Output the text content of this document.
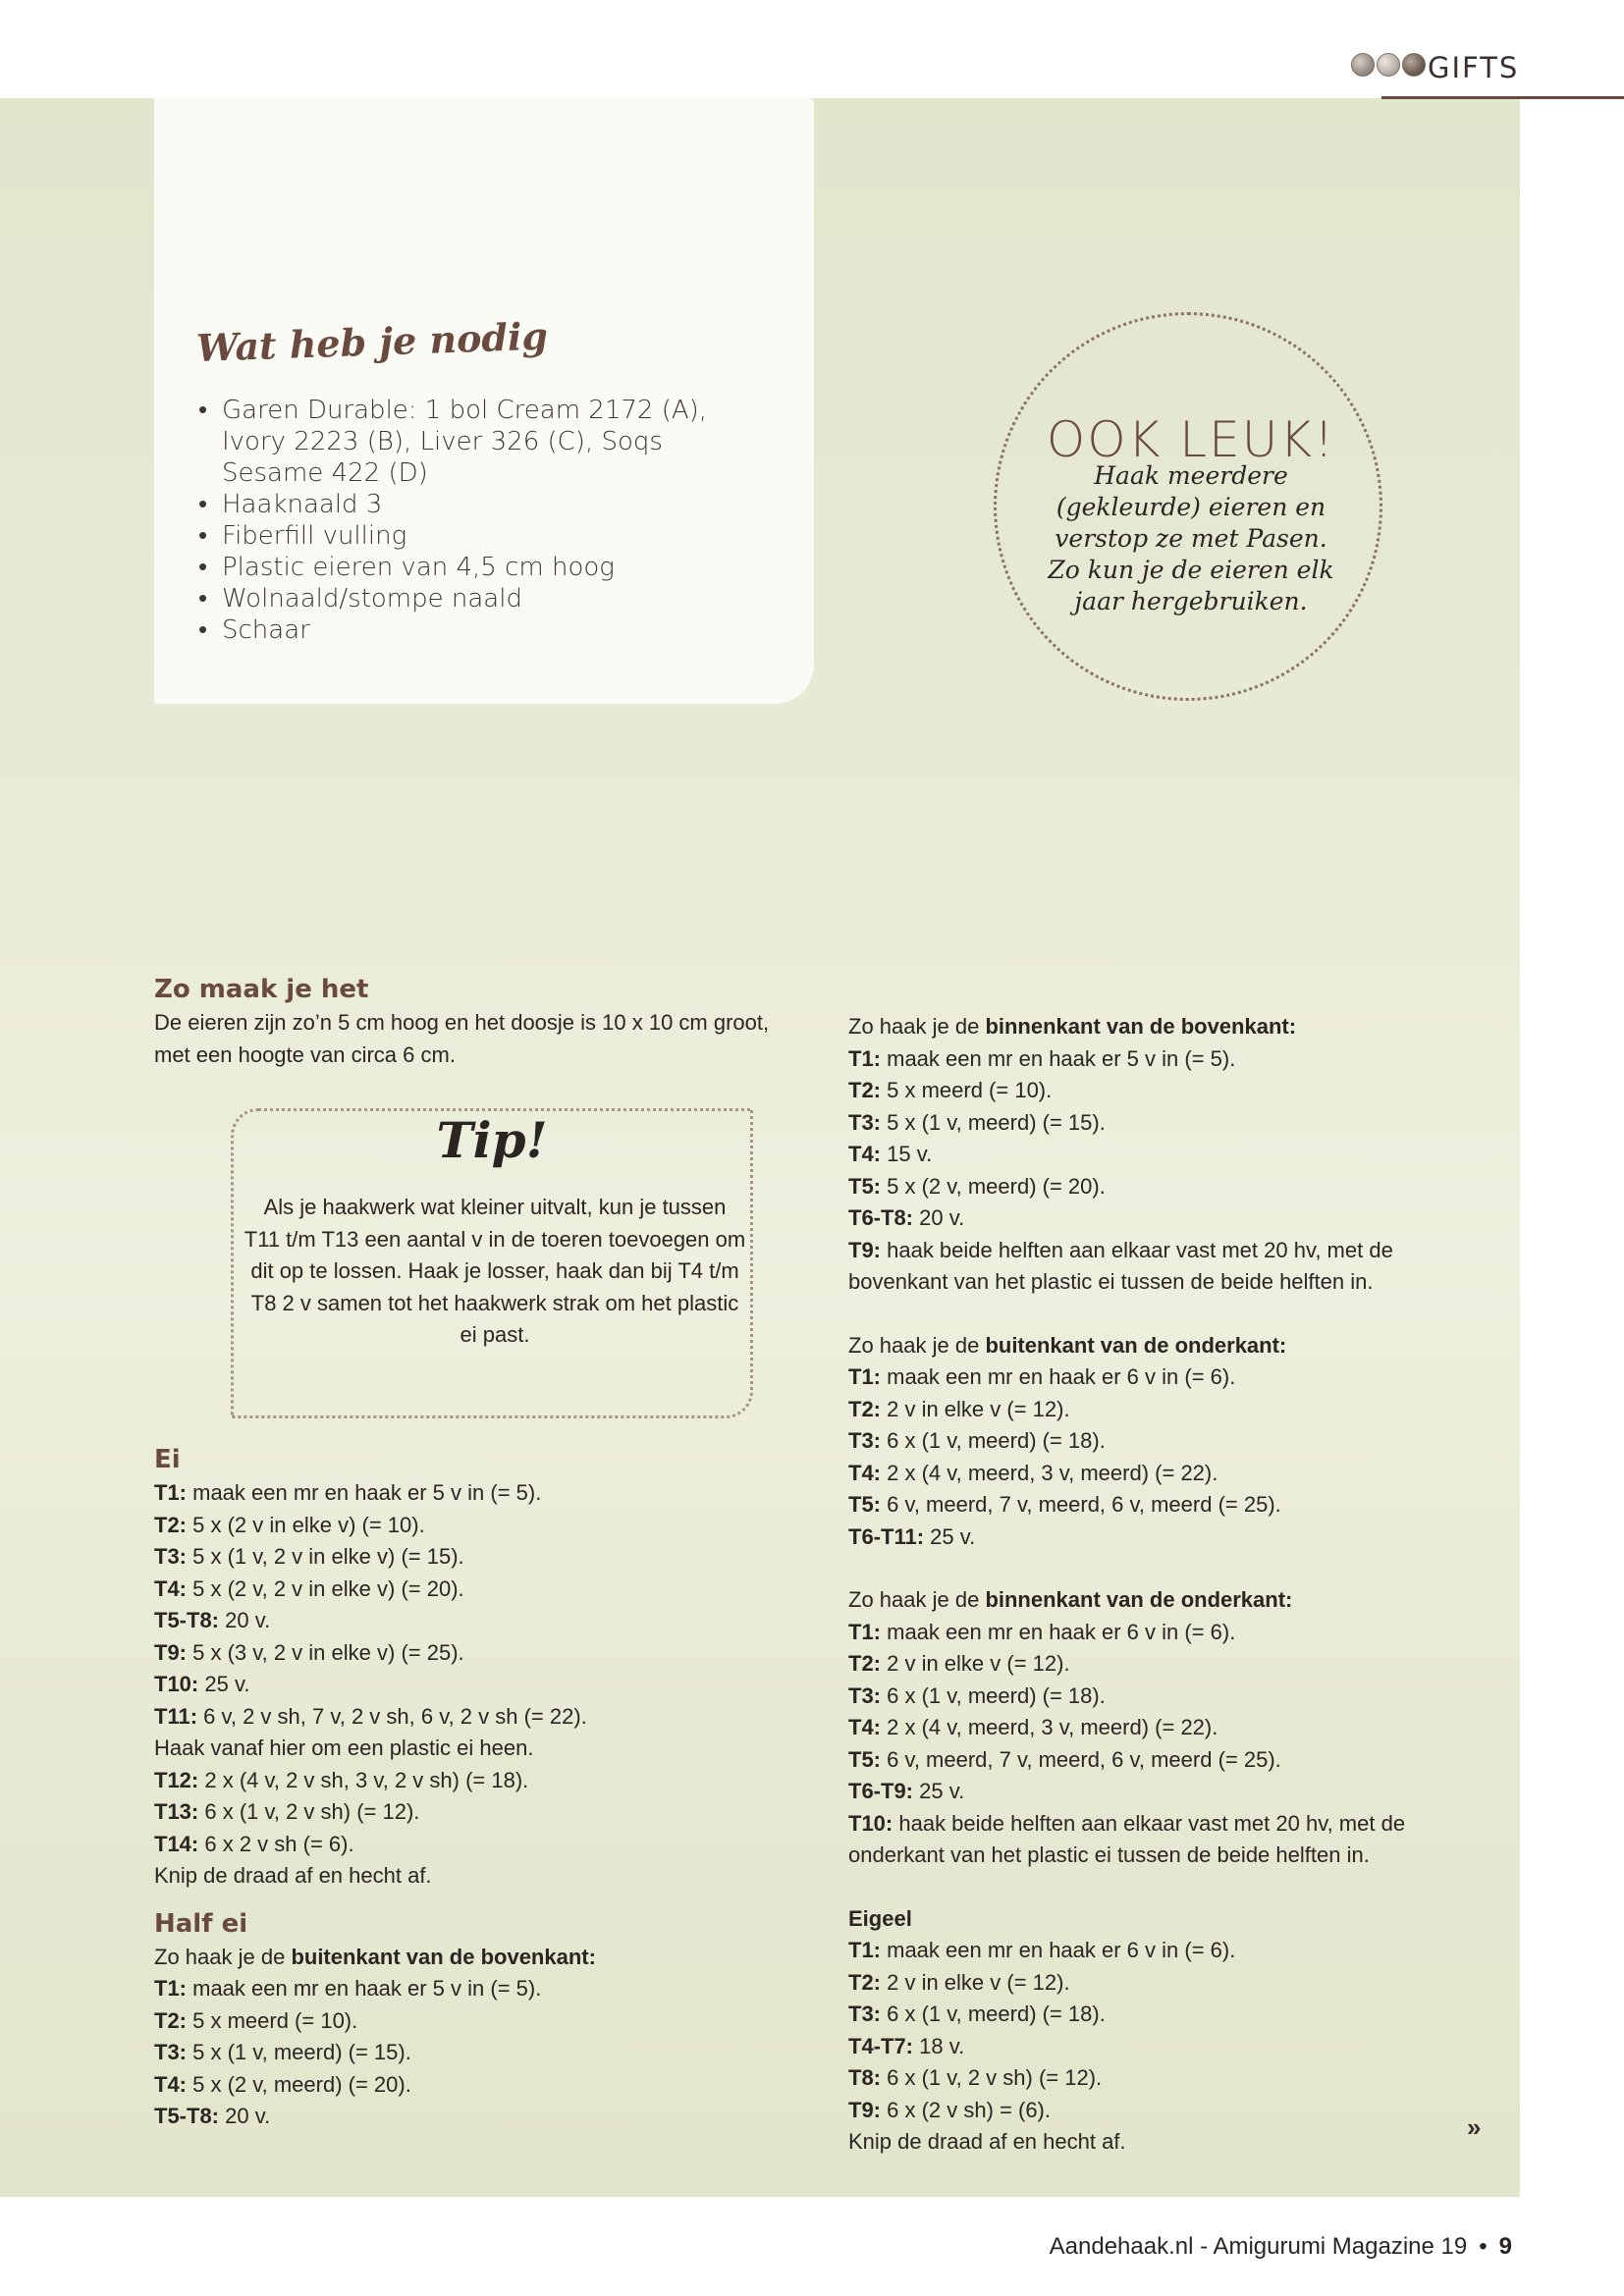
GIFTS
Wat heb je nodig
• Garen Durable: 1 bol Cream 2172 (A), Ivory 2223 (B), Liver 326 (C), Soqs Sesame 422 (D)
• Haaknaald 3
• Fiberfill vulling
• Plastic eieren van 4,5 cm hoog
• Wolnaald/stompe naald
• Schaar
OOK LEUK!
Haak meerdere (gekleurde) eieren en verstop ze met Pasen. Zo kun je de eieren elk jaar hergebruiken.
Zo maak je het
De eieren zijn zo’n 5 cm hoog en het doosje is 10 x 10 cm groot, met een hoogte van circa 6 cm.
Tip!
Als je haakwerk wat kleiner uitvalt, kun je tussen T11 t/m T13 een aantal v in de toeren toevoegen om dit op te lossen. Haak je losser, haak dan bij T4 t/m T8 2 v samen tot het haakwerk strak om het plastic ei past.
Ei
T1: maak een mr en haak er 5 v in (= 5).
T2: 5 x (2 v in elke v) (= 10).
T3: 5 x (1 v, 2 v in elke v) (= 15).
T4: 5 x (2 v, 2 v in elke v) (= 20).
T5-T8: 20 v.
T9: 5 x (3 v, 2 v in elke v) (= 25).
T10: 25 v.
T11: 6 v, 2 v sh, 7 v, 2 v sh, 6 v, 2 v sh (= 22).
Haak vanaf hier om een plastic ei heen.
T12: 2 x (4 v, 2 v sh, 3 v, 2 v sh) (= 18).
T13: 6 x (1 v, 2 v sh) (= 12).
T14: 6 x 2 v sh (= 6).
Knip de draad af en hecht af.
Half ei
Zo haak je de buitenkant van de bovenkant:
T1: maak een mr en haak er 5 v in (= 5).
T2: 5 x meerd (= 10).
T3: 5 x (1 v, meerd) (= 15).
T4: 5 x (2 v, meerd) (= 20).
T5-T8: 20 v.
Zo haak je de binnenkant van de bovenkant:
T1: maak een mr en haak er 5 v in (= 5).
T2: 5 x meerd (= 10).
T3: 5 x (1 v, meerd) (= 15).
T4: 15 v.
T5: 5 x (2 v, meerd) (= 20).
T6-T8: 20 v.
T9: haak beide helften aan elkaar vast met 20 hv, met de
bovenkant van het plastic ei tussen de beide helften in.
Zo haak je de buitenkant van de onderkant:
T1: maak een mr en haak er 6 v in (= 6).
T2: 2 v in elke v (= 12).
T3: 6 x (1 v, meerd) (= 18).
T4: 2 x (4 v, meerd, 3 v, meerd) (= 22).
T5: 6 v, meerd, 7 v, meerd, 6 v, meerd (= 25).
T6-T11: 25 v.
Zo haak je de binnenkant van de onderkant:
T1: maak een mr en haak er 6 v in (= 6).
T2: 2 v in elke v (= 12).
T3: 6 x (1 v, meerd) (= 18).
T4: 2 x (4 v, meerd, 3 v, meerd) (= 22).
T5: 6 v, meerd, 7 v, meerd, 6 v, meerd (= 25).
T6-T9: 25 v.
T10: haak beide helften aan elkaar vast met 20 hv, met de
onderkant van het plastic ei tussen de beide helften in.
Eigeel
T1: maak een mr en haak er 6 v in (= 6).
T2: 2 v in elke v (= 12).
T3: 6 x (1 v, meerd) (= 18).
T4-T7: 18 v.
T8: 6 x (1 v, 2 v sh) (= 12).
T9: 6 x (2 v sh) = (6).
Knip de draad af en hecht af.	»
Aandehaak.nl - Amigurumi Magazine 19 • 9
